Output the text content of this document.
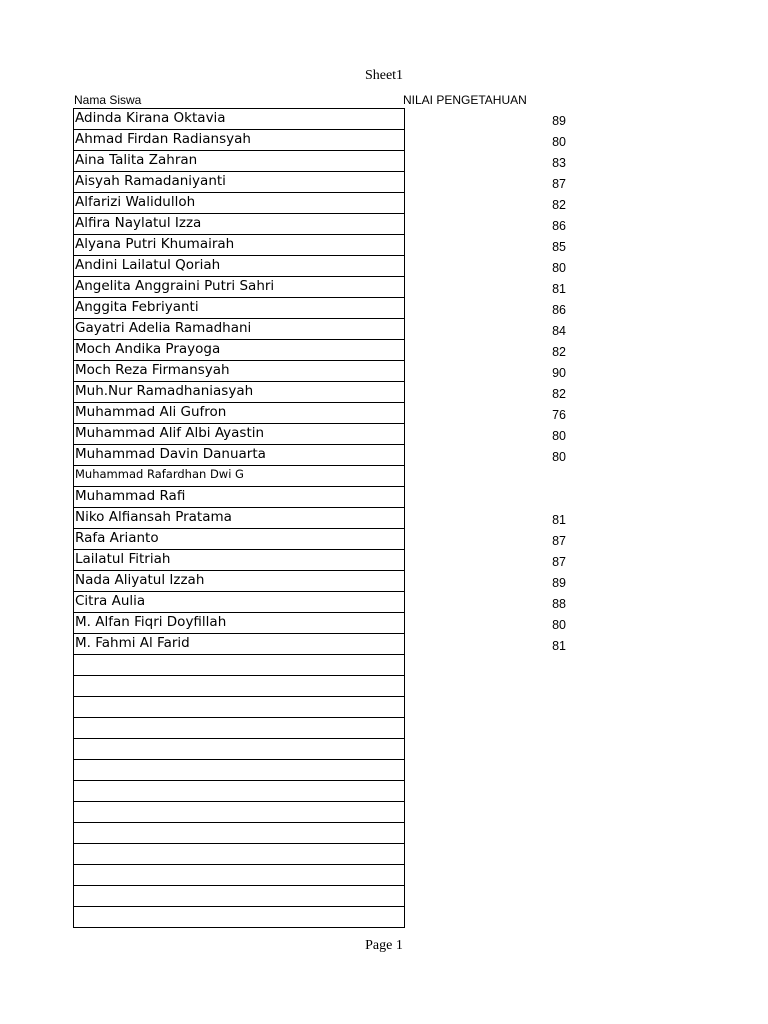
Sheet1
Nama Siswa	NILAI PENGETAHUAN
Adinda Kirana Oktavia
Ahmad Firdan Radiansyah
Aina Talita Zahran
Aisyah Ramadaniyanti
Alfarizi Walidulloh
Alfira Naylatul Izza
Alyana Putri Khumairah
Andini Lailatul Qoriah
Angelita Anggraini Putri Sahri
Anggita Febriyanti
Gayatri Adelia Ramadhani
Moch Andika Prayoga
Moch Reza Firmansyah
Muh.Nur Ramadhaniasyah
Muhammad Ali Gufron
Muhammad Alif Albi Ayastin
Muhammad Davin Danuarta
Muhammad Rafardhan Dwi G
Muhammad Rafi
Niko Alfiansah Pratama
Rafa Arianto
Lailatul Fitriah
Nada Aliyatul Izzah
Citra Aulia
M. Alfan Fiqri Doyfillah
M. Fahmi Al Farid
89
80
83
87
82
86
85
80
81
86
84
82
90
82
76
80
80
81
87
87
89
88
80
81
Page 1
